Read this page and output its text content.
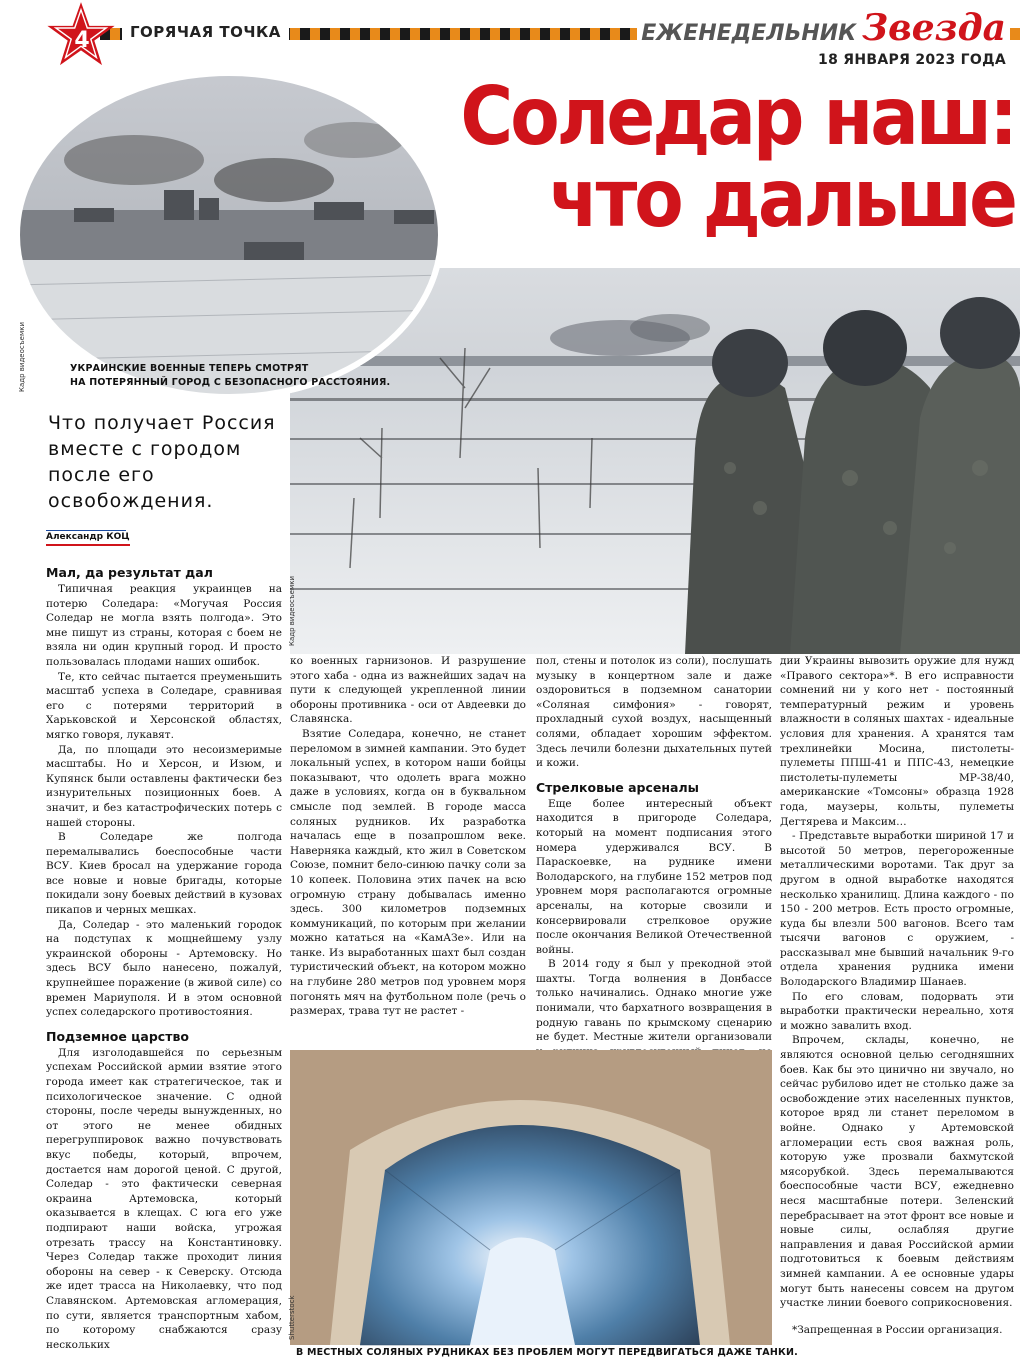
4	ГОРЯЧАЯ ТОЧКА	ЕЖЕНЕДЕЛЬНИК Звезда
18 ЯНВАРЯ 2023 ГОДА
Кадр видеосъемки
Кадр видеосъемки	УКРАИНСКИЕ ВОЕННЫЕ ТЕПЕРЬ СМОТРЯТ
НА ПОТЕРЯННЫЙ ГОРОД С БЕЗОПАСНОГО РАССТОЯНИЯ.
Соледар наш:
что дальше
Что получает Россия вместе с городом после его освобождения.
Александр КОЦ

Мал, да результат дал

Типичная реакция украинцев на потерю Соледара: «Могучая Россия Соледар не могла взять полгода». Это мне пишут из страны, которая с боем не взяла ни один крупный город. И просто пользовалась плодами наших ошибок.

Те, кто сейчас пытается преуменьшить масштаб успеха в Соледаре, сравнивая его с потерями территорий в Харьковской и Херсонской областях, мягко говоря, лукавят.

Да, по площади это несоизмеримые масштабы. Но и Херсон, и Изюм, и Купянск были оставлены фактически без изнурительных позиционных боев. А значит, и без катастрофических потерь с нашей стороны.

В Соледаре же полгода перемалывались боеспособные части ВСУ. Киев бросал на удержание города все новые и новые бригады, которые покидали зону боевых действий в кузовах пикапов и черных мешках.

Да, Соледар - это маленький городок на подступах к мощнейшему узлу украинской обороны - Артемовску. Но здесь ВСУ было нанесено, пожалуй, крупнейшее поражение (в живой силе) со времен Мариуполя. И в этом основной успех соледарского противостояния.

Подземное царство

Для изголодавшейся по серьезным успехам Российской армии взятие этого города имеет как стратегическое, так и психологическое значение. С одной стороны, после череды вынужденных, но от этого не менее обидных перегруппировок важно почувствовать вкус победы, который, впрочем, достается нам дорогой ценой. С другой, Соледар - это фактически северная окраина Артемовска, который оказывается в клещах. С юга его уже подпирают наши войска, угрожая отрезать трассу на Константиновку. Через Соледар также проходит линия обороны на север - к Северску. Отсюда же идет трасса на Николаевку, что под Славянском. Артемовская агломерация, по сути, является транспортным хабом, по которому снабжаются сразу нескольких

ко военных гарнизонов. И разрушение этого хаба - одна из важнейших задач на пути к следующей укрепленной линии обороны противника - оси от Авдеевки до Славянска.

Взятие Соледара, конечно, не станет переломом в зимней кампании. Это будет локальный успех, в котором наши бойцы показывают, что одолеть врага можно даже в условиях, когда он в буквальном смысле под землей. В городе масса соляных рудников. Их разработка началась еще в позапрошлом веке. Наверняка каждый, кто жил в Советском Союзе, помнит бело-синюю пачку соли за 10 копеек. Половина этих пачек на всю огромную страну добывалась именно здесь. 300 километров подземных коммуникаций, по которым при желании можно кататься на «КамАЗе». Или на танке. Из выработанных шахт был создан туристический объект, на котором можно на глубине 280 метров под уровнем моря погонять мяч на футбольном поле (речь о размерах, трава тут не растет -

пол, стены и потолок из соли), послушать музыку в концертном зале и даже оздоровиться в подземном санатории «Соляная симфония» - говорят, прохладный сухой воздух, насыщенный солями, обладает хорошим эффектом. Здесь лечили болезни дыхательных путей и кожи.

Стрелковые арсеналы

Еще более интересный объект находится в пригороде Соледара, который на момент подписания этого номера удерживался ВСУ. В Параскоевке, на руднике имени Володарского, на глубине 152 метров под уровнем моря располагаются огромные арсеналы, на которые свозили и консервировали стрелковое оружие после окончания Великой Отечественной войны.

В 2014 году я был у прекодной этой шахты. Тогда волнения в Донбассе только начинались. Однако многие уже понимали, что бархатного возвращения в родную гавань по крымскому сценарию не будет. Местные жители организовали

дии Украины вывозить оружие для нужд «Правого сектора»*. В его исправности сомнений ни у кого нет - постоянный температурный режим и уровень влажности в соляных шахтах - идеальные условия для хранения. А хранятся там трехлинейки Мосина, пистолеты-пулеметы ППШ-41 и ППС-43, немецкие пистолеты-пулеметы МР-38/40, американские «Томсоны» образца 1928 года, маузеры, кольты, пулеметы Дегтярева и Максим…

- Представьте выработки шириной 17 и высотой 50 метров, перегороженные металлическими воротами. Так друг за другом в одной выработке находятся несколько хранилищ. Длина каждого - по 150 - 200 метров. Есть просто огромные, куда бы влезли 500 вагонов. Всего там тысячи вагонов с оружием, - рассказывал мне бывший начальник 9-го отдела хранения рудника имени Володарского Владимир Шанаев.

По его словам, подорвать эти выработки практически нереально, хотя и можно завалить вход.

Впрочем, склады, конечно, не являются основной целью сегодняшних боев. Как бы это цинично ни звучало, но сейчас рубилово идет не столько даже за освобождение этих населенных пунктов, которое вряд ли станет переломом в войне. Однако у Артемовской агломерации есть своя важная роль, которую уже прозвали бахмутской мясорубкой. Здесь перемалываются боеспособные части ВСУ, ежедневно неся масштабные потери. Зеленский перебрасывает на этот фронт все новые и новые силы, ослабляя другие направления и давая Российской армии подготовиться к боевым действиям зимней кампании. А ее основные удары могут быть нанесены совсем на другом участке линии боевого соприкосновения.

*Запрещенная в России организация.

Shutterstock
В МЕСТНЫХ СОЛЯНЫХ РУДНИКАХ БЕЗ ПРОБЛЕМ МОГУТ ПЕРЕДВИГАТЬСЯ ДАЖЕ ТАНКИ.
